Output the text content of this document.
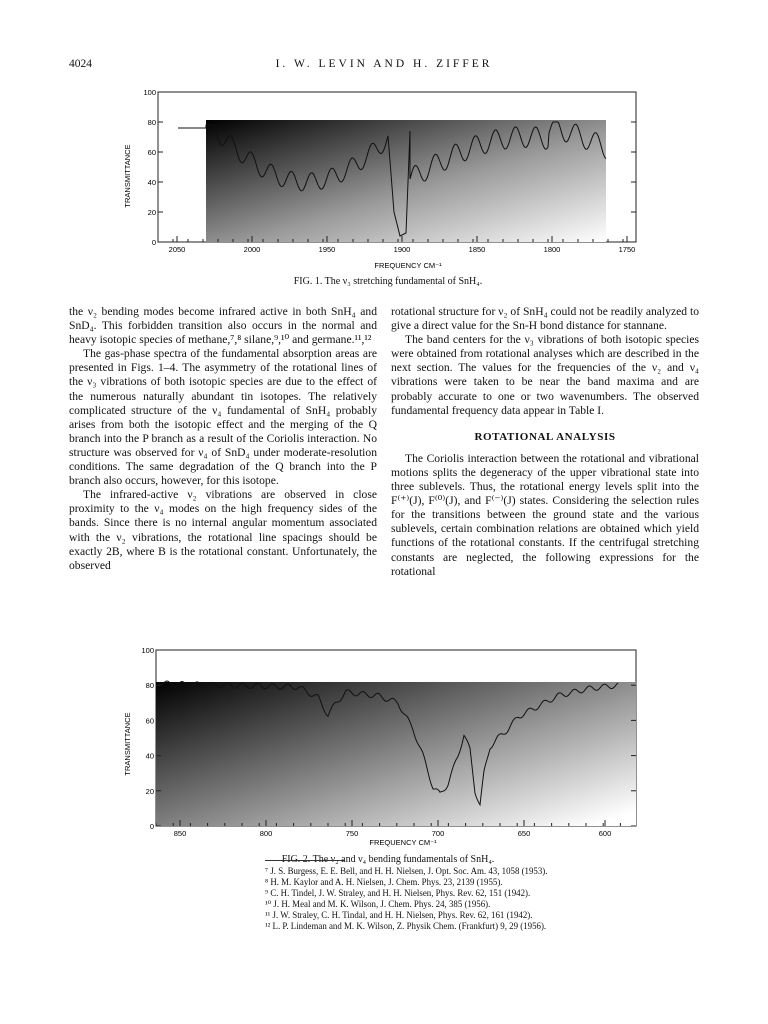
4024	I. W. LEVIN AND H. ZIFFER
100
80
60
40
20
0
2050	2000	1950	1900	1850	1800	1750
TRANSMITTANCE
FREQUENCY CM⁻¹
FIG. 1. The ν₃ stretching fundamental of SnH₄.

the ν₂ bending modes become infrared active in both SnH₄ and SnD₄. This forbidden transition also occurs in the normal and heavy isotopic species of methane,⁷,⁸ silane,⁹,¹⁰ and germane.¹¹,¹²

The gas-phase spectra of the fundamental absorption areas are presented in Figs. 1–4. The asymmetry of the rotational lines of the ν₃ vibrations of both isotopic species are due to the effect of the numerous naturally abundant tin isotopes. The relatively complicated structure of the ν₄ fundamental of SnH₄ probably arises from both the isotopic effect and the merging of the Q branch into the P branch as a result of the Coriolis interaction. No structure was observed for ν₄ of SnD₄ under moderate-resolution conditions. The same degradation of the Q branch into the P branch also occurs, however, for this isotope.

The infrared-active ν₂ vibrations are observed in close proximity to the ν₄ modes on the high frequency sides of the bands. Since there is no internal angular momentum associated with the ν₂ vibrations, the rotational line spacings should be exactly 2B, where B is the rotational constant. Unfortunately, the observed

rotational structure for ν₂ of SnH₄ could not be readily analyzed to give a direct value for the Sn-H bond distance for stannane.

The band centers for the ν₃ vibrations of both isotopic species were obtained from rotational analyses which are described in the next section. The values for the frequencies of the ν₂ and ν₄ vibrations were taken to be near the band maxima and are probably accurate to one or two wavenumbers. The observed fundamental frequency data appear in Table I.

ROTATIONAL ANALYSIS

The Coriolis interaction between the rotational and vibrational motions splits the degeneracy of the upper vibrational state into three sublevels. Thus, the rotational energy levels split into the F⁽⁺⁾(J), F⁽⁰⁾(J), and F⁽⁻⁾(J) states. Considering the selection rules for the transitions between the ground state and the various sublevels, certain combination relations are obtained which yield functions of the rotational constants. If the centrifugal stretching constants are neglected, the following expressions for the rotational

100
80
60
40
20
0
850	800	750	700	650	600
TRANSMITTANCE
FREQUENCY CM⁻¹
FIG. 2. The ν₂ and ν₄ bending fundamentals of SnH₄.
⁷ J. S. Burgess, E. E. Bell, and H. H. Nielsen, J. Opt. Soc. Am. 43, 1058 (1953).
⁸ H. M. Kaylor and A. H. Nielsen, J. Chem. Phys. 23, 2139 (1955).
⁹ C. H. Tindel, J. W. Straley, and H. H. Nielsen, Phys. Rev. 62, 151 (1942).
¹⁰ J. H. Meal and M. K. Wilson, J. Chem. Phys. 24, 385 (1956).
¹¹ J. W. Straley, C. H. Tindal, and H. H. Nielsen, Phys. Rev. 62, 161 (1942).
¹² L. P. Lindeman and M. K. Wilson, Z. Physik Chem. (Frankfurt) 9, 29 (1956).
